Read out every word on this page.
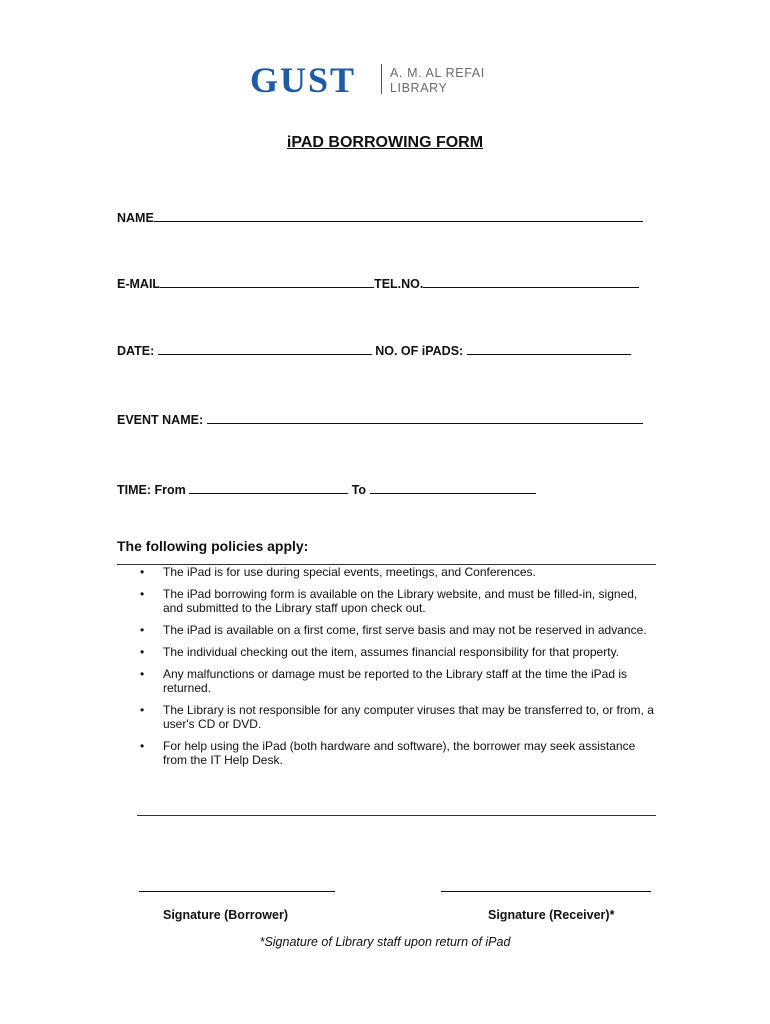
GUST	A. M. AL REFAI
LIBRARY
iPAD BORROWING FORM
NAME
E-MAIL	TEL.NO.
DATE:	NO. OF iPADS:
EVENT NAME:
TIME: From	To
The following policies apply:
• The iPad is for use during special events, meetings, and Conferences.
• The iPad borrowing form is available on the Library website, and must be filled-in, signed, and submitted to the Library staff upon check out.
• The iPad is available on a first come, first serve basis and may not be reserved in advance.
• The individual checking out the item, assumes financial responsibility for that property.
• Any malfunctions or damage must be reported to the Library staff at the time the iPad is returned.
• The Library is not responsible for any computer viruses that may be transferred to, or from, a user's CD or DVD.
• For help using the iPad (both hardware and software), the borrower may seek assistance from the IT Help Desk.
Signature (Borrower)	Signature (Receiver)*
*Signature of Library staff upon return of iPad
